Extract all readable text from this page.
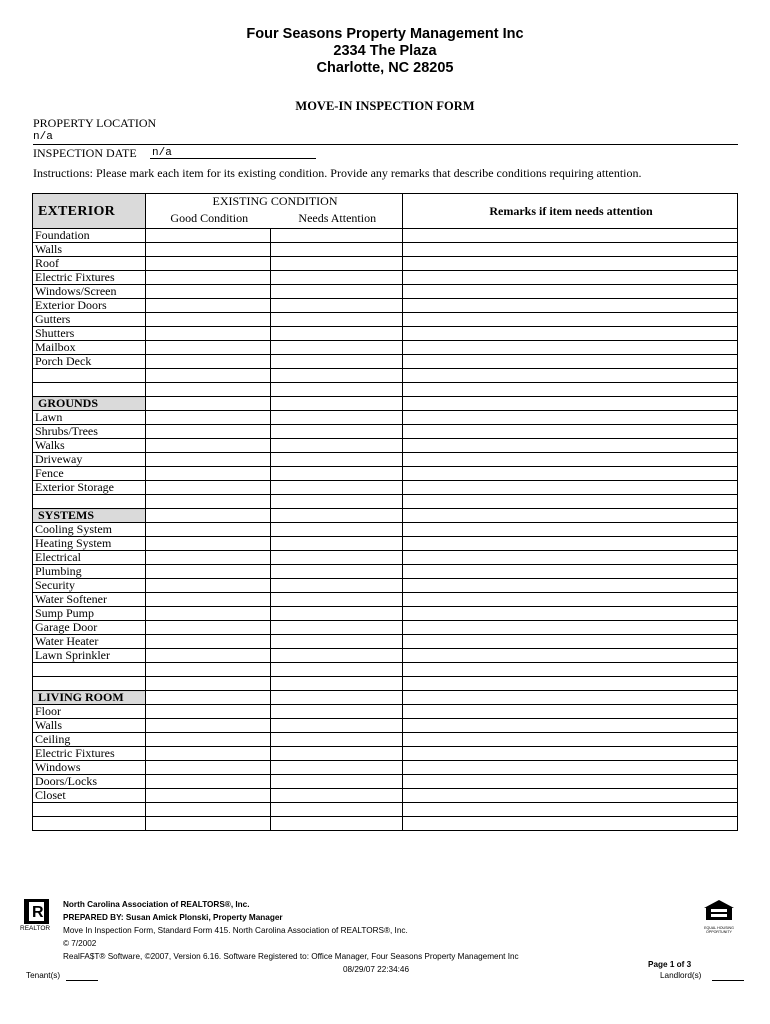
Four Seasons Property Management Inc
2334 The Plaza
Charlotte, NC 28205
MOVE-IN INSPECTION FORM
PROPERTY LOCATION
n/a
INSPECTION DATE n/a
Instructions: Please mark each item for its existing condition. Provide any remarks that describe conditions requiring attention.
EXTERIOR	EXISTING CONDITION		Remarks if item needs attention
	Good Condition	Needs Attention	
Foundation			
Walls			
Roof			
Electric Fixtures			
Windows/Screen			
Exterior Doors			
Gutters			
Shutters			
Mailbox			
Porch Deck			

GROUNDS			
Lawn			
Shrubs/Trees			
Walks			
Driveway			
Fence			
Exterior Storage			

SYSTEMS			
Cooling System			
Heating System			
Electrical			
Plumbing			
Security			
Water Softener			
Sump Pump			
Garage Door			
Water Heater			
Lawn Sprinkler			

LIVING ROOM			
Floor			
Walls			
Ceiling			
Electric Fixtures			
Windows			
Doors/Locks			
Closet			

R
REALTOR
North Carolina Association of REALTORS®, Inc.
PREPARED BY: Susan Amick Plonski, Property Manager
Move In Inspection Form, Standard Form 415. North Carolina Association of REALTORS®, Inc.
© 7/2002
RealFA$T® Software, ©2007, Version 6.16. Software Registered to: Office Manager, Four Seasons Property Management Inc
08/29/07 22:34:46
Page 1 of 3
Tenant(s)	Landlord(s)
EQUAL HOUSING OPPORTUNITY
